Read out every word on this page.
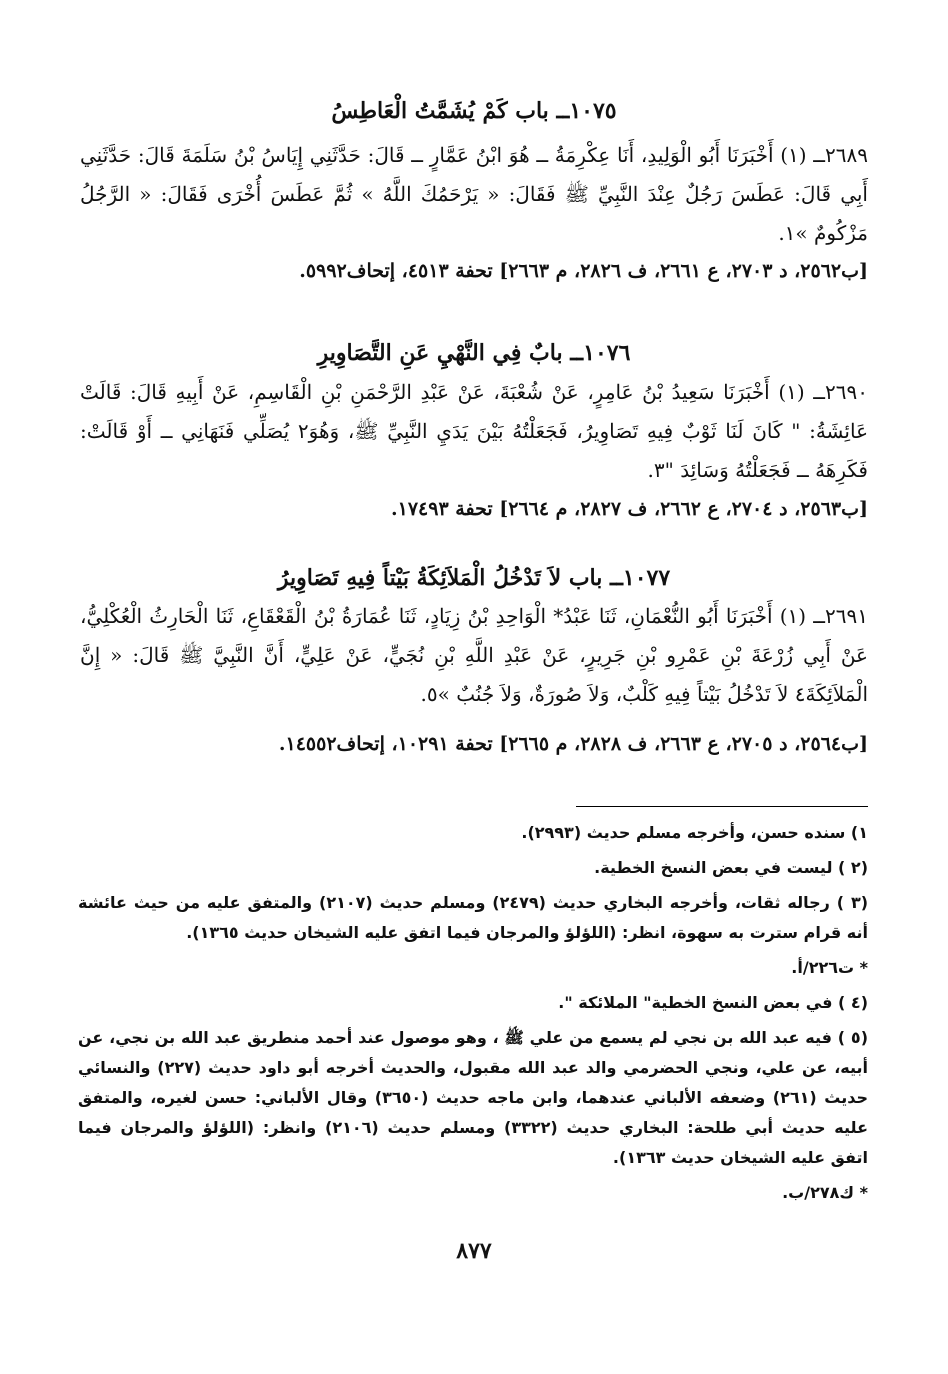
١٠٧٥ــ باب كَمْ يُشَمَّتُ الْعَاطِسُ
٢٦٨٩ــ (١) أَخْبَرَنَا أَبُو الْوَلِيدِ، أَنَا عِكْرِمَةُ ــ هُوَ ابْنُ عَمَّارٍ ــ قَالَ: حَدَّثَنِي إِيَاسُ بْنُ سَلَمَةَ قَالَ: حَدَّثَنِي أَبِي قَالَ: عَطَسَ رَجُلٌ عِنْدَ النَّبِيِّ ﷺ فَقَالَ: « يَرْحَمُكَ اللَّهُ » ثُمَّ عَطَسَ أُخْرَى فَقَالَ: « الرَّجُلُ مَزْكُومٌ »١.
[ب٢٥٦٢، د ٢٧٠٣، ع ٢٦٦١، ف ٢٨٢٦، م ٢٦٦٣] تحفة ٤٥١٣، إتحاف٥٩٩٢.
١٠٧٦ــ بابٌ فِي النَّهْيِ عَنِ التَّصَاوِيرِ
٢٦٩٠ــ (١) أَخْبَرَنَا سَعِيدُ بْنُ عَامِرٍ، عَنْ شُعْبَةَ، عَنْ عَبْدِ الرَّحْمَنِ بْنِ الْقَاسِمِ، عَنْ أَبِيهِ قَالَ: قَالَتْ عَائِشَةُ: " كَانَ لَنَا ثَوْبٌ فِيهِ تَصَاوِيرُ، فَجَعَلْتُهُ بَيْنَ يَدَيِ النَّبِيِّ ﷺ، وَهُوَ٢ يُصَلِّي فَنَهَانِي ــ أَوْ قَالَتْ: فَكَرِهَهُ ــ فَجَعَلْتُهُ وَسَائِدَ "٣.
[ب٢٥٦٣، د ٢٧٠٤، ع ٢٦٦٢، ف ٢٨٢٧، م ٢٦٦٤] تحفة ١٧٤٩٣.
١٠٧٧ــ باب لاَ تَدْخُلُ الْمَلاَئِكَةُ بَيْتاً فِيهِ تَصَاوِيرُ
٢٦٩١ــ (١) أَخْبَرَنَا أَبُو النُّعْمَانِ، ثَنَا عَبْدُ* الْوَاحِدِ بْنُ زِيَادٍ، ثَنَا عُمَارَةُ بْنُ الْقَعْقَاعِ، ثَنَا الْحَارِثُ الْعُكْلِيُّ، عَنْ أَبِي زُرْعَةَ بْنِ عَمْرِو بْنِ جَرِيرٍ، عَنْ عَبْدِ اللَّهِ بْنِ نُجَيٍّ، عَنْ عَلِيٍّ، أَنَّ النَّبِيَّ ﷺ قَالَ: « إِنَّ الْمَلاَئِكَةَ٤ لاَ تَدْخُلُ بَيْتاً فِيهِ كَلْبٌ، وَلاَ صُورَةٌ، وَلاَ جُنُبٌ »٥.
[ب٢٥٦٤، د ٢٧٠٥، ع ٢٦٦٣، ف ٢٨٢٨، م ٢٦٦٥] تحفة ١٠٢٩١، إتحاف١٤٥٥٢.

١) سنده حسن، وأخرجه مسلم حديث (٢٩٩٣).

(٢ ) ليست في بعض النسخ الخطية.

(٣ ) رجاله ثقات، وأخرجه البخاري حديث (٢٤٧٩) ومسلم حديث (٢١٠٧) والمتفق عليه من حيث عائشة أنه قرام سترت به سهوة، انظر: (اللؤلؤ والمرجان فيما اتفق عليه الشيخان حديث ١٣٦٥).

* ت٢٢٦/أ.

(٤ ) في بعض النسخ الخطية" الملائكة ".

(٥ ) فيه عبد الله بن نجي لم يسمع من علي ﷺ ، وهو موصول عند أحمد منطريق عبد الله بن نجي، عن أبيه، عن علي، ونجي الحضرمي والد عبد الله مقبول، والحديث أخرجه أبو داود حديث (٢٢٧) والنسائي حديث (٢٦١) وضعفه الألباني عندهما، وابن ماجه حديث (٣٦٥٠) وقال الألباني: حسن لغيره، والمتفق عليه حديث أبي طلحة: البخاري حديث (٣٣٢٢) ومسلم حديث (٢١٠٦) وانظر: (اللؤلؤ والمرجان فيما اتفق عليه الشيخان حديث ١٣٦٣).

* ك٢٧٨/ب.

٨٧٧
